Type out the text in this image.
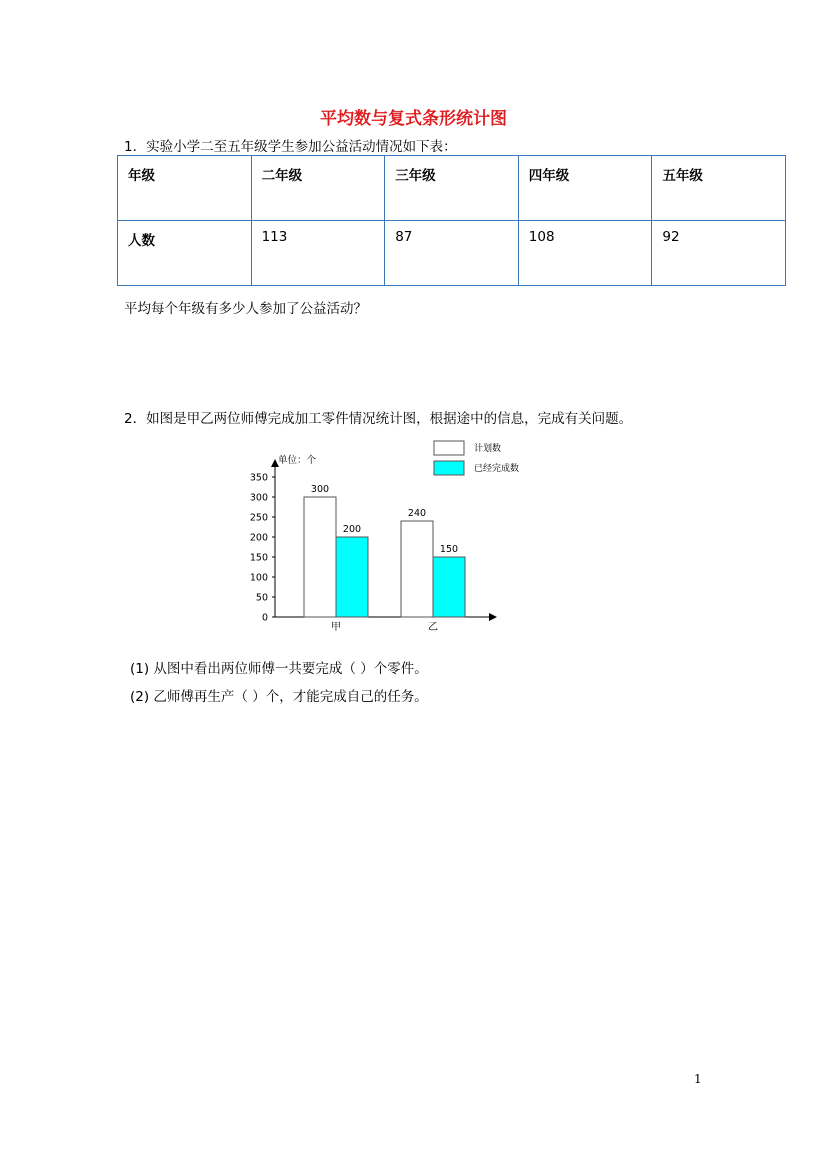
平均数与复式条形统计图
1．实验小学二至五年级学生参加公益活动情况如下表：
年级	二年级	三年级	四年级	五年级
人数	113	87	108	92
平均每个年级有多少人参加了公益活动？
2．如图是甲乙两位师傅完成加工零件情况统计图，根据途中的信息，完成有关问题。
单位：个
0
50
100
150
200
250
300
350
300
200
240
150
甲	乙
计划数
已经完成数
(1) 从图中看出两位师傅一共要完成（ ）个零件。
(2) 乙师傅再生产（ ）个，才能完成自己的任务。
1
